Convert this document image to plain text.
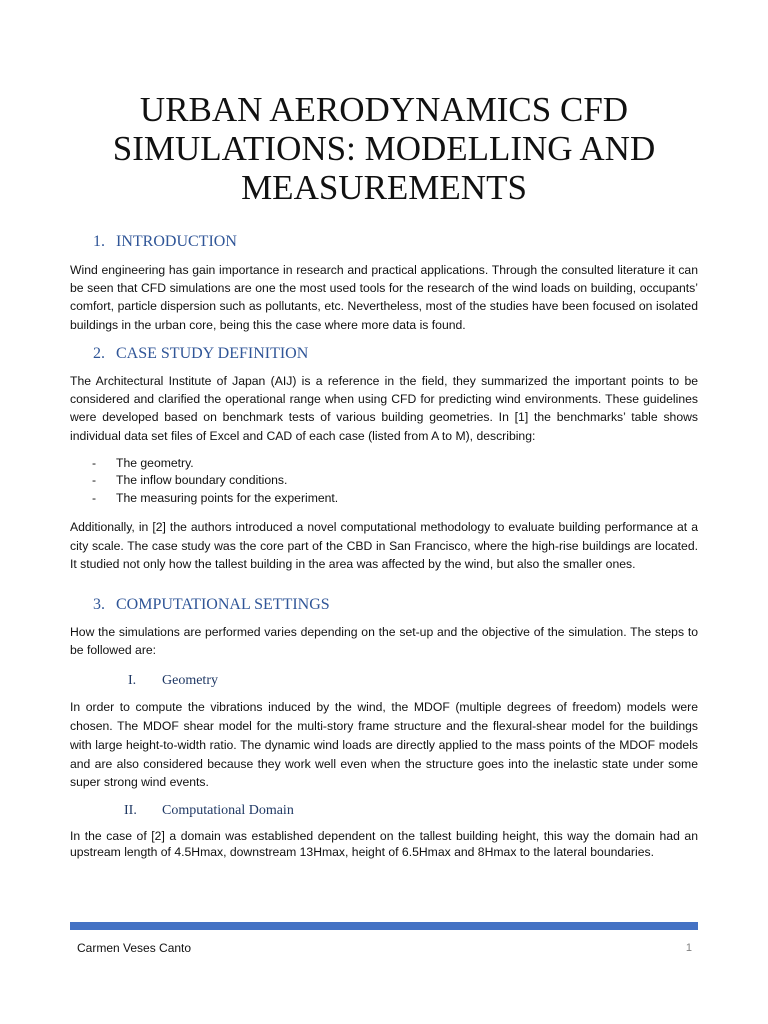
URBAN AERODYNAMICS CFD SIMULATIONS: MODELLING AND MEASUREMENTS
1. INTRODUCTION

Wind engineering has gain importance in research and practical applications. Through the consulted literature it can be seen that CFD simulations are one the most used tools for the research of the wind loads on building, occupants’ comfort, particle dispersion such as pollutants, etc. Nevertheless, most of the studies have been focused on isolated buildings in the urban core, being this the case where more data is found.

2. CASE STUDY DEFINITION

The Architectural Institute of Japan (AIJ) is a reference in the field, they summarized the important points to be considered and clarified the operational range when using CFD for predicting wind environments. These guidelines were developed based on benchmark tests of various building geometries. In [1] the benchmarks’ table shows individual data set files of Excel and CAD of each case (listed from A to M), describing:

- The geometry.
- The inflow boundary conditions.
- The measuring points for the experiment.

Additionally, in [2] the authors introduced a novel computational methodology to evaluate building performance at a city scale. The case study was the core part of the CBD in San Francisco, where the high-rise buildings are located. It studied not only how the tallest building in the area was affected by the wind, but also the smaller ones.

3. COMPUTATIONAL SETTINGS

How the simulations are performed varies depending on the set-up and the objective of the simulation. The steps to be followed are:

I. Geometry

In order to compute the vibrations induced by the wind, the MDOF (multiple degrees of freedom) models were chosen. The MDOF shear model for the multi-story frame structure and the flexural-shear model for the buildings with large height-to-width ratio. The dynamic wind loads are directly applied to the mass points of the MDOF models and are also considered because they work well even when the structure goes into the inelastic state under some super strong wind events.

II. Computational Domain

In the case of [2] a domain was established dependent on the tallest building height, this way the domain had an upstream length of 4.5Hmax, downstream 13Hmax, height of 6.5Hmax and 8Hmax to the lateral boundaries.

Carmen Veses Canto	1
